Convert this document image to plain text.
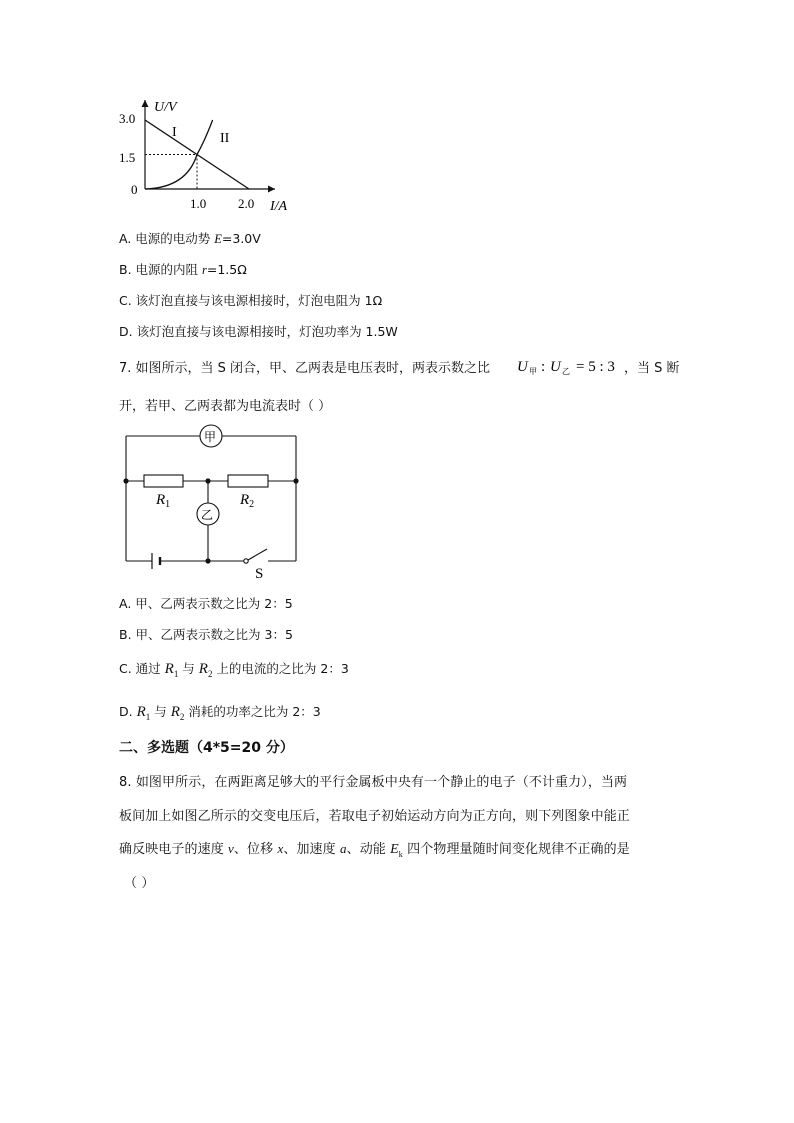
U/V
I/A
3.0
1.5
0
1.0 2.0
I	II
A. 电源的电动势 E=3.0V
B. 电源的内阻 r=1.5Ω
C. 该灯泡直接与该电源相接时，灯泡电阻为 1Ω
D. 该灯泡直接与该电源相接时，灯泡功率为 1.5W
7. 如图所示，当 S 闭合，甲、乙两表是电压表时，两表示数之比 U 甲 : U 乙 = 5 : 3 ，当 S 断
开，若甲、乙两表都为电流表时（ ）
甲
$R_1$	$R_2$
乙
S
A. 甲、乙两表示数之比为 2：5
B. 甲、乙两表示数之比为 3：5
C. 通过 $R_1$ 与 $R_2$ 上的电流的之比为 2：3
D. $R_1$ 与 $R_2$ 消耗的功率之比为 2：3
二、多选题（4*5=20 分）
8. 如图甲所示，在两距离足够大的平行金属板中央有一个静止的电子（不计重力），当两
板间加上如图乙所示的交变电压后，若取电子初始运动方向为正方向，则下列图象中能正
确反映电子的速度 v、位移 x、加速度 a、动能 $E_k$ 四个物理量随时间变化规律不正确的是
（ ）
